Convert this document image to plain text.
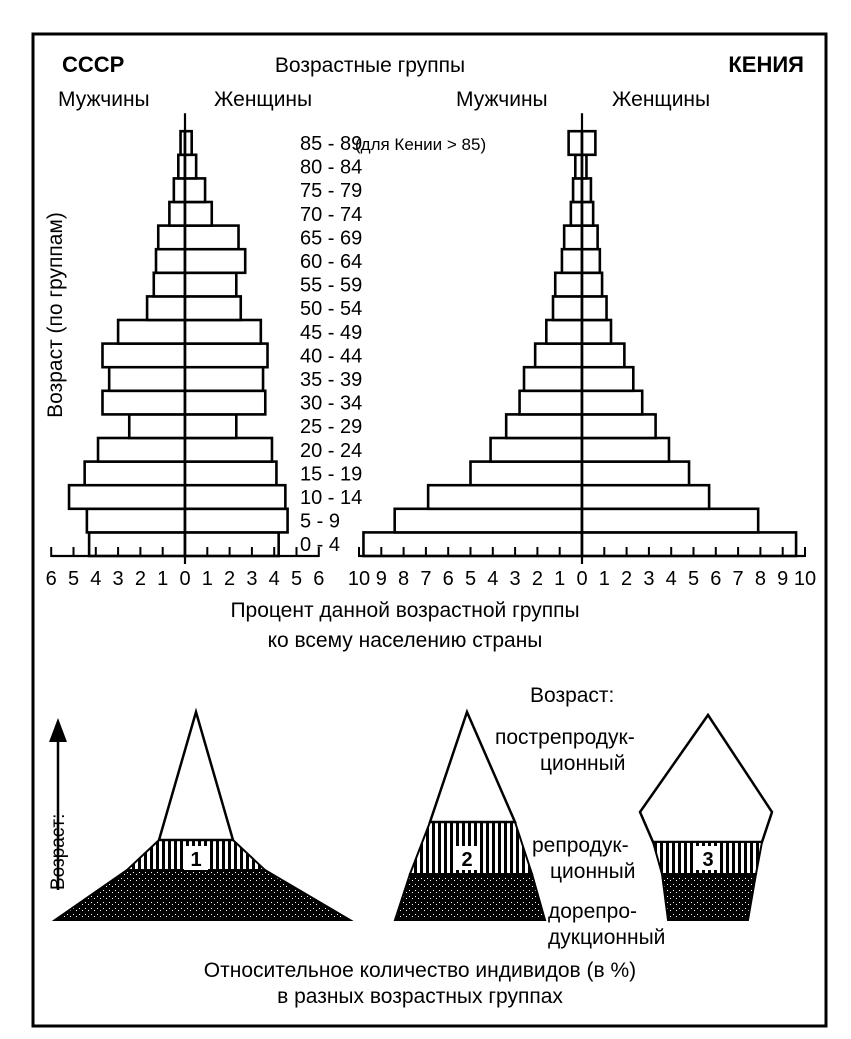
СССР	Возрастные группы	КЕНИЯ
Мужчины	Женщины	Мужчины	Женщины
Возраст (по группам)
(для Кении > 85)
6 5 4 3 2 1 0 1 2 3 4 5 6 10 9 8 7 6 5 4 3 2 1 0 1 2 3 4 5 6 7 8 9 10
0 - 4
5 - 9
10 - 14
15 - 19
20 - 24
25 - 29
30 - 34
35 - 39
40 - 44
45 - 49
50 - 54
55 - 59
60 - 64
65 - 69
70 - 74
75 - 79
80 - 84
85 - 89
Процент данной возрастной группы
ко всему населению страны
Возраст:	1	2	3
Возраст:
пострепродук-
ционный
репродук-
ционный
дорепро-
дукционный
Относительное количество индивидов (в %)
в разных возрастных группах
